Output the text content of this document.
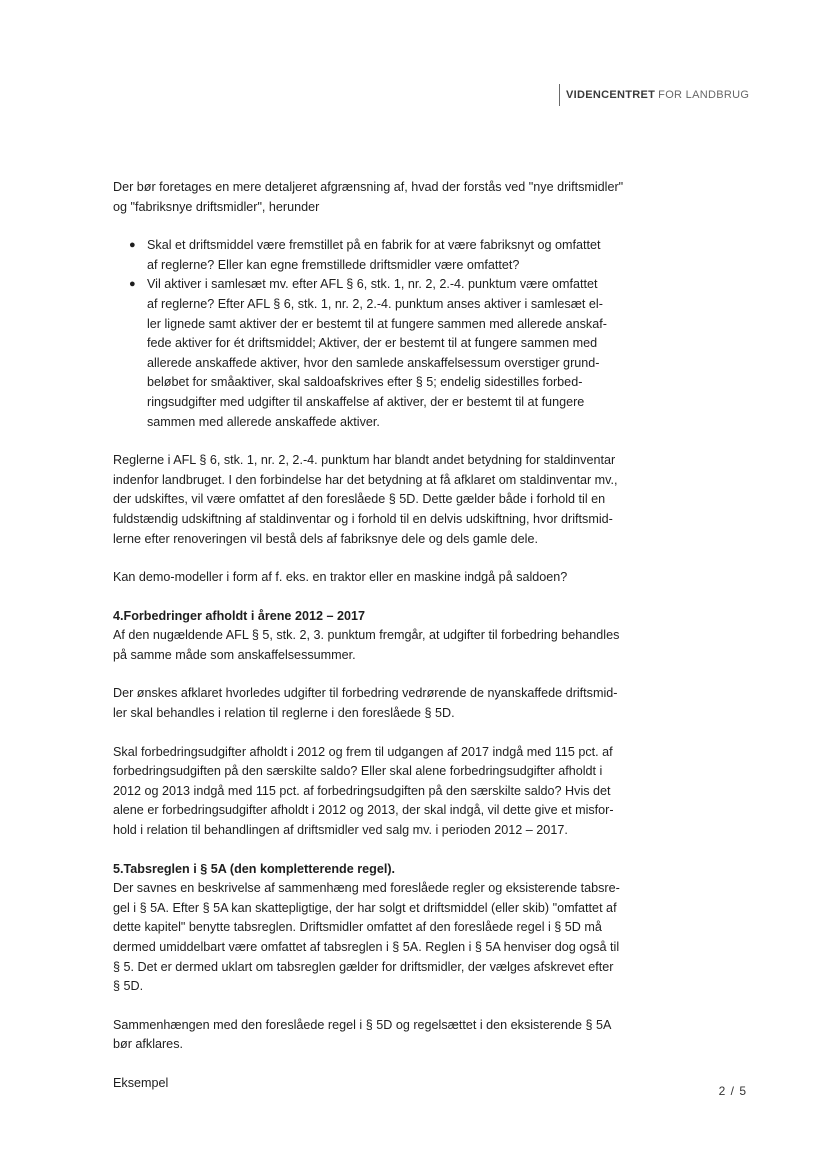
VIDENCENTRET FOR LANDBRUG

Der bør foretages en mere detaljeret afgrænsning af, hvad der forstås ved "nye driftsmidler"
og "fabriksnye driftsmidler", herunder

● Skal et driftsmiddel være fremstillet på en fabrik for at være fabriksnyt og omfattet
af reglerne? Eller kan egne fremstillede driftsmidler være omfattet?
● Vil aktiver i samlesæt mv. efter AFL § 6, stk. 1, nr. 2, 2.-4. punktum være omfattet
af reglerne? Efter AFL § 6, stk. 1, nr. 2, 2.-4. punktum anses aktiver i samlesæt el-
ler lignede samt aktiver der er bestemt til at fungere sammen med allerede anskaf-
fede aktiver for ét driftsmiddel; Aktiver, der er bestemt til at fungere sammen med
allerede anskaffede aktiver, hvor den samlede anskaffelsessum overstiger grund-
beløbet for småaktiver, skal saldoafskrives efter § 5; endelig sidestilles forbed-
ringsudgifter med udgifter til anskaffelse af aktiver, der er bestemt til at fungere
sammen med allerede anskaffede aktiver.

Reglerne i AFL § 6, stk. 1, nr. 2, 2.-4. punktum har blandt andet betydning for staldinventar
indenfor landbruget. I den forbindelse har det betydning at få afklaret om staldinventar mv.,
der udskiftes, vil være omfattet af den foreslåede § 5D. Dette gælder både i forhold til en
fuldstændig udskiftning af staldinventar og i forhold til en delvis udskiftning, hvor driftsmid-
lerne efter renoveringen vil bestå dels af fabriksnye dele og dels gamle dele.

Kan demo-modeller i form af f. eks. en traktor eller en maskine indgå på saldoen?

4.Forbedringer afholdt i årene 2012 – 2017

Af den nugældende AFL § 5, stk. 2, 3. punktum fremgår, at udgifter til forbedring behandles
på samme måde som anskaffelsessummer.

Der ønskes afklaret hvorledes udgifter til forbedring vedrørende de nyanskaffede driftsmid-
ler skal behandles i relation til reglerne i den foreslåede § 5D.

Skal forbedringsudgifter afholdt i 2012 og frem til udgangen af 2017 indgå med 115 pct. af
forbedringsudgiften på den særskilte saldo? Eller skal alene forbedringsudgifter afholdt i
2012 og 2013 indgå med 115 pct. af forbedringsudgiften på den særskilte saldo? Hvis det
alene er forbedringsudgifter afholdt i 2012 og 2013, der skal indgå, vil dette give et misfor-
hold i relation til behandlingen af driftsmidler ved salg mv. i perioden 2012 – 2017.

5.Tabsreglen i § 5A (den kompletterende regel).

Der savnes en beskrivelse af sammenhæng med foreslåede regler og eksisterende tabsre-
gel i § 5A. Efter § 5A kan skattepligtige, der har solgt et driftsmiddel (eller skib) "omfattet af
dette kapitel" benytte tabsreglen. Driftsmidler omfattet af den foreslåede regel i § 5D må
dermed umiddelbart være omfattet af tabsreglen i § 5A. Reglen i § 5A henviser dog også til
§ 5. Det er dermed uklart om tabsreglen gælder for driftsmidler, der vælges afskrevet efter
§ 5D.

Sammenhængen med den foreslåede regel i § 5D og regelsættet i den eksisterende § 5A
bør afklares.

Eksempel

2 / 5
